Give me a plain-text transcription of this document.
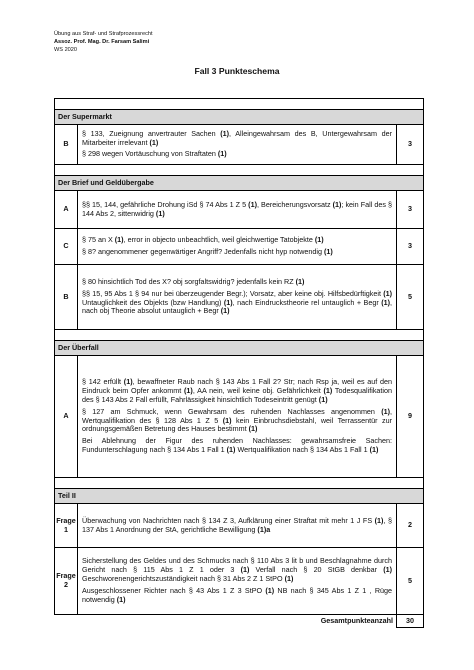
Übung aus Straf- und Strafprozessrecht
Assoz. Prof. Mag. Dr. Farsam Salimi
WS 2020
Fall 3 Punkteschema

Der Supermarkt		
B	§ 133, Zueignung anvertrauter Sachen (1), Alleingewahrsam des B, Untergewahrsam der Mitarbeiter irrelevant (1)

§ 298 wegen Vortäuschung von Straftaten (1)	3

Der Brief und Geldübergabe		
A	§§ 15, 144, gefährliche Drohung iSd § 74 Abs 1 Z 5 (1), Bereicherungsvorsatz (1); kein Fall des § 144 Abs 2, sittenwidrig (1)	3
C	§ 75 an X (1), error in objecto unbeachtlich, weil gleichwertige Tatobjekte (1)

§ 8? angenommener gegenwärtiger Angriff? Jedenfalls nicht hyp notwendig (1)	3
B	§ 80 hinsichtlich Tod des X? obj sorgfaltswidrig? jedenfalls kein RZ (1)

§§ 15, 95 Abs 1 § 94 nur bei überzeugender Begr.); Vorsatz, aber keine obj. Hilfsbedürftigkeit (1) Untauglichkeit des Objekts (bzw Handlung) (1), nach Eindruckstheorie rel untauglich + Begr (1), nach obj Theorie absolut untauglich + Begr (1)	5

Der Überfall		
A	§ 142 erfüllt (1), bewaffneter Raub nach § 143 Abs 1 Fall 2? Str; nach Rsp ja, weil es auf den Eindruck beim Opfer ankommt (1), AA nein, weil keine obj. Gefährlichkeit (1) Todesqualifikation des § 143 Abs 2 Fall erfüllt, Fahrlässigkeit hinsichtlich Todeseintritt genügt (1)

§ 127 am Schmuck, wenn Gewahrsam des ruhenden Nachlasses angenommen (1), Wertqualifikation des § 128 Abs 1 Z 5 (1) kein Einbruchsdiebstahl, weil Terrassentür zur ordnungsgemäßen Betretung des Hauses bestimmt (1)

Bei Ablehnung der Figur des ruhenden Nachlasses: gewahrsamsfreie Sachen: Fundunterschlagung nach § 134 Abs 1 Fall 1 (1) Wertqualifikation nach § 134 Abs 1 Fall 1 (1)	9

Teil II		
Frage 1	Überwachung von Nachrichten nach § 134 Z 3, Aufklärung einer Straftat mit mehr 1 J FS (1), § 137 Abs 1 Anordnung der StA, gerichtliche Bewilligung (1)a	2
Frage 2	Sicherstellung des Geldes und des Schmucks nach § 110 Abs 3 lit b und Beschlagnahme durch Gericht nach § 115 Abs 1 Z 1 oder 3 (1) Verfall nach § 20 StGB denkbar (1) Geschworenengerichtszuständigkeit nach § 31 Abs 2 Z 1 StPO (1)

Ausgeschlossener Richter nach § 43 Abs 1 Z 3 StPO (1) NB nach § 345 Abs 1 Z 1 , Rüge notwendig (1)	5
	Gesamtpunkteanzahl	30
